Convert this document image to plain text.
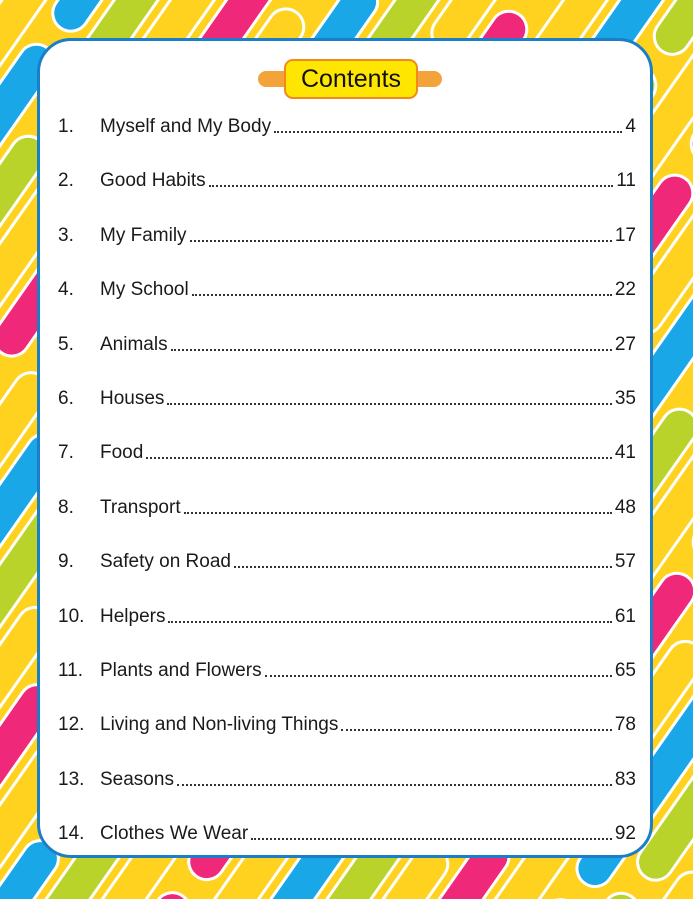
Contents
1.	Myself and My Body	4
2.	Good Habits	11
3.	My Family	17
4.	My School	22
5.	Animals	27
6.	Houses	35
7.	Food	41
8.	Transport	48
9.	Safety on Road	57
10. Helpers	61
11. Plants and Flowers	65
12. Living and Non-living Things	78
13. Seasons	83
14. Clothes We Wear	92
